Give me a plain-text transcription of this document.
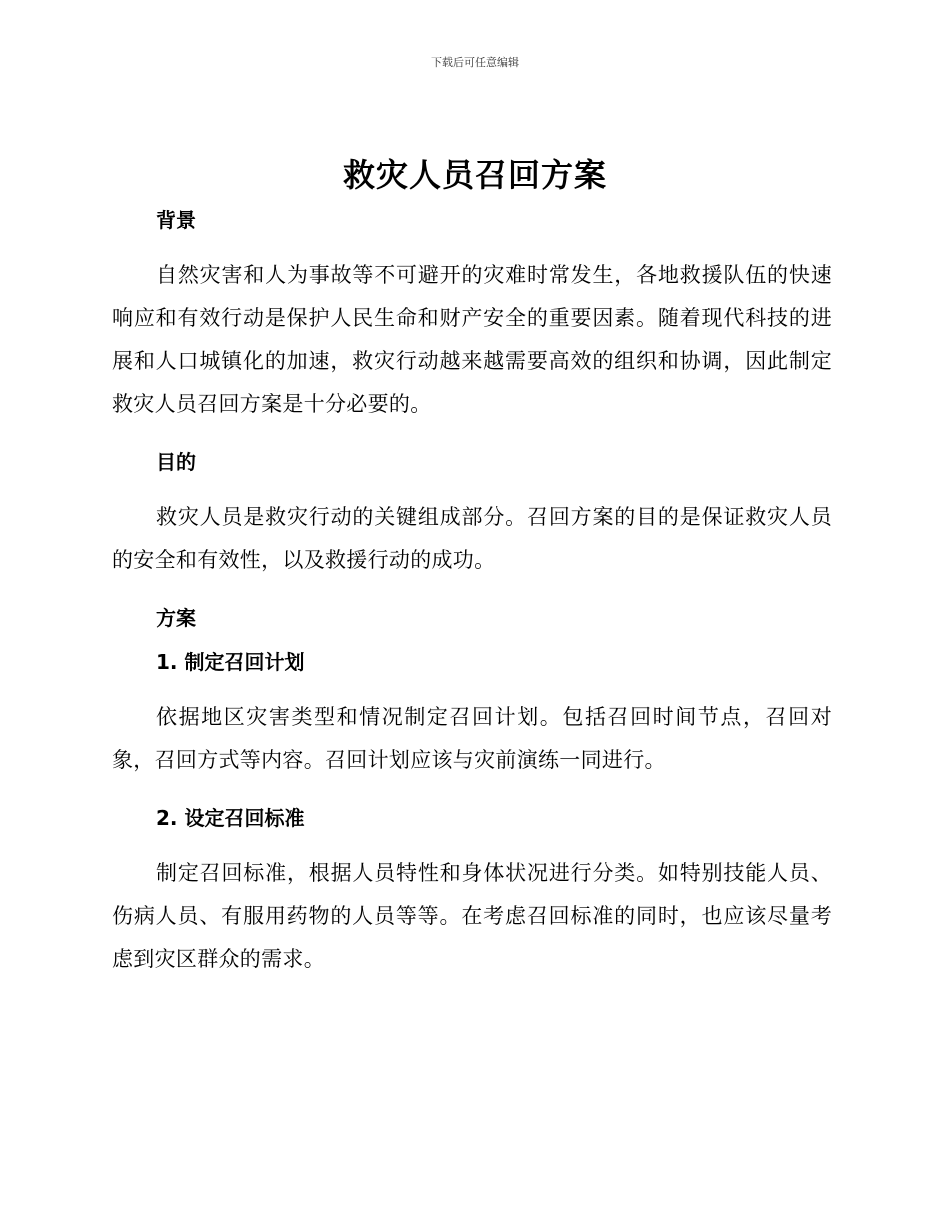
下载后可任意编辑
救灾人员召回方案

背景

自然灾害和人为事故等不可避开的灾难时常发生，各地救援队伍的快速响应和有效行动是保护人民生命和财产安全的重要因素。随着现代科技的进展和人口城镇化的加速，救灾行动越来越需要高效的组织和协调，因此制定救灾人员召回方案是十分必要的。

目的

救灾人员是救灾行动的关键组成部分。召回方案的目的是保证救灾人员的安全和有效性，以及救援行动的成功。

方案

1. 制定召回计划

依据地区灾害类型和情况制定召回计划。包括召回时间节点，召回对象，召回方式等内容。召回计划应该与灾前演练一同进行。

2. 设定召回标准

制定召回标准，根据人员特性和身体状况进行分类。如特别技能人员、伤病人员、有服用药物的人员等等。在考虑召回标准的同时，也应该尽量考虑到灾区群众的需求。
